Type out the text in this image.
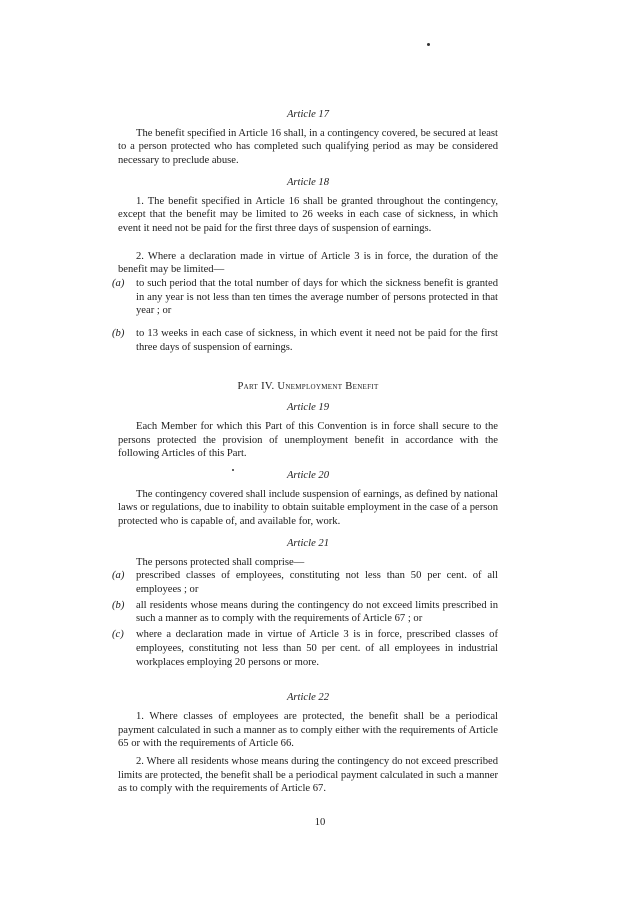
Article 17

The benefit specified in Article 16 shall, in a contingency covered, be secured at least to a person protected who has completed such qualifying period as may be considered necessary to preclude abuse.

Article 18

1. The benefit specified in Article 16 shall be granted throughout the contingency, except that the benefit may be limited to 26 weeks in each case of sickness, in which event it need not be paid for the first three days of suspension of earnings.

2. Where a declaration made in virtue of Article 3 is in force, the duration of the benefit may be limited—

(a)	to such period that the total number of days for which the sickness benefit is granted in any year is not less than ten times the average number of persons protected in that year ; or
(b)	to 13 weeks in each case of sickness, in which event it need not be paid for the first three days of suspension of earnings.

Part IV. Unemployment Benefit

Article 19

Each Member for which this Part of this Convention is in force shall secure to the persons protected the provision of unemployment benefit in accordance with the following Articles of this Part.

Article 20

The contingency covered shall include suspension of earnings, as defined by national laws or regulations, due to inability to obtain suitable employment in the case of a person protected who is capable of, and available for, work.

Article 21

The persons protected shall comprise—

(a)	prescribed classes of employees, constituting not less than 50 per cent. of all employees ; or
(b)	all residents whose means during the contingency do not exceed limits prescribed in such a manner as to comply with the requirements of Article 67 ; or
(c)	where a declaration made in virtue of Article 3 is in force, prescribed classes of employees, constituting not less than 50 per cent. of all employees in industrial workplaces employing 20 persons or more.

Article 22

1. Where classes of employees are protected, the benefit shall be a periodical payment calculated in such a manner as to comply either with the requirements of Article 65 or with the requirements of Article 66.

2. Where all residents whose means during the contingency do not exceed prescribed limits are protected, the benefit shall be a periodical payment calculated in such a manner as to comply with the requirements of Article 67.

10
